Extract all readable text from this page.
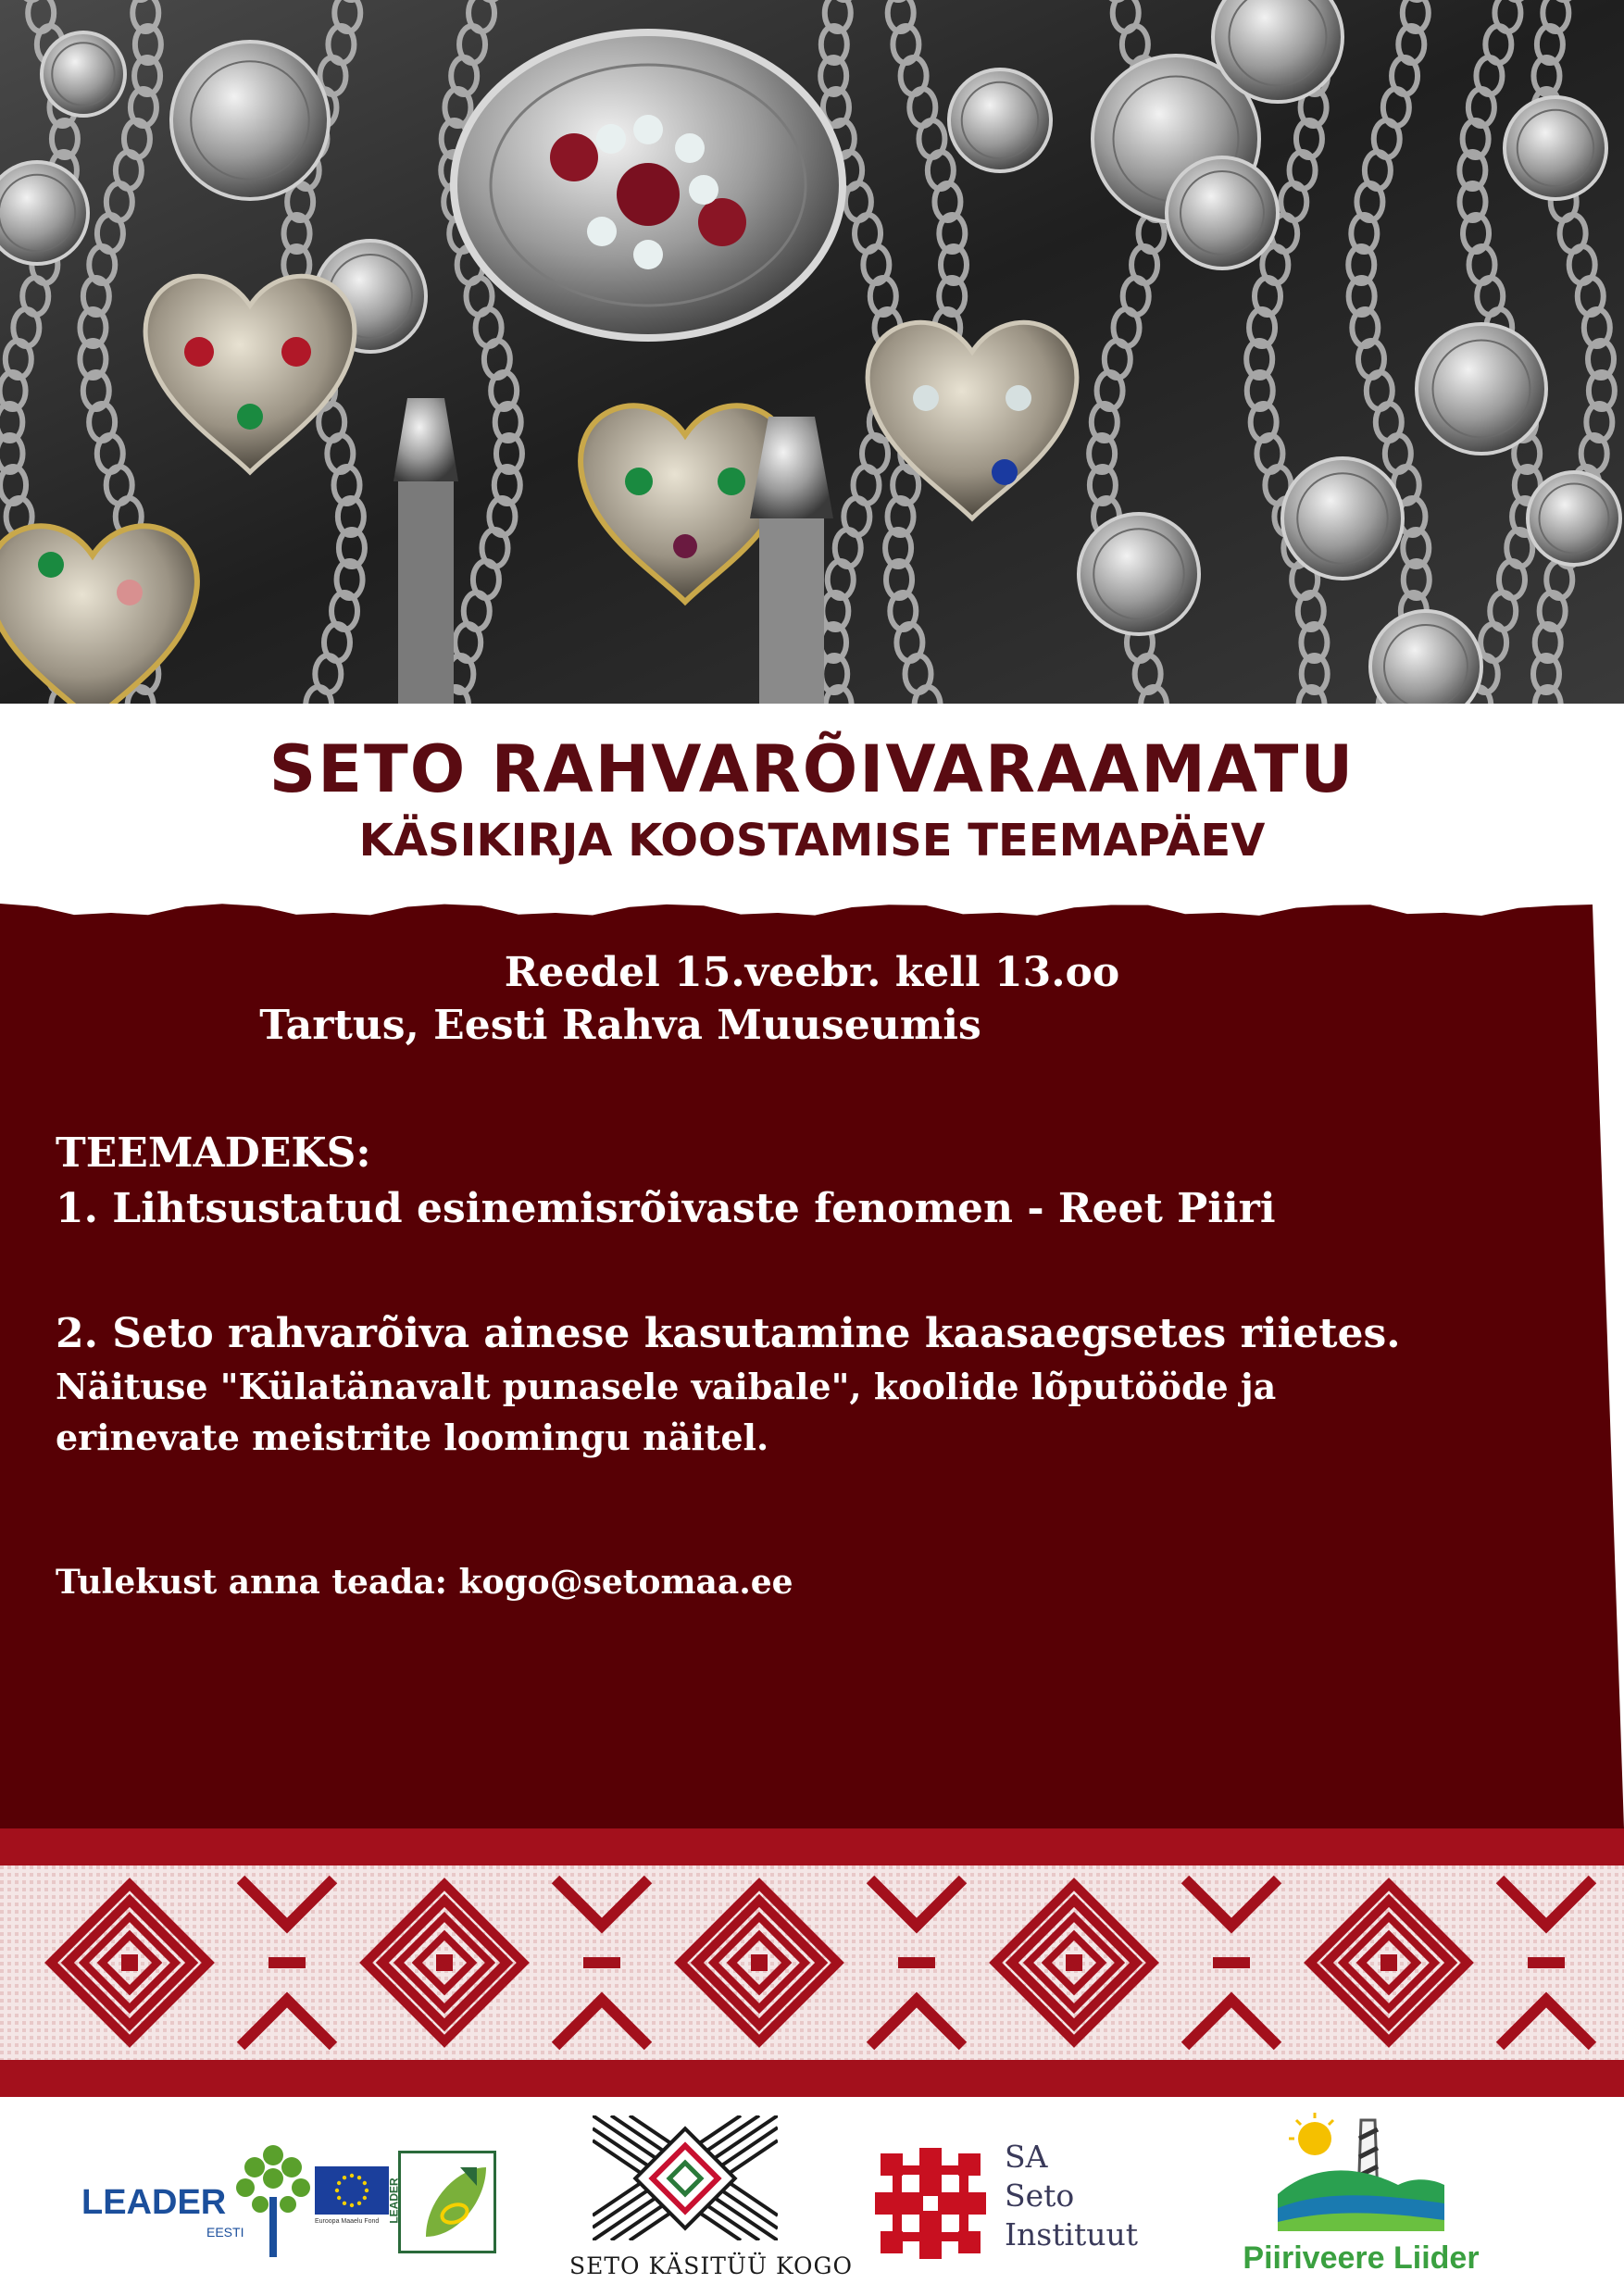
SETO RAHVARÕIVARAAMATU
KÄSIKIRJA KOOSTAMISE TEEMAPÄEV
Reedel 15.veebr. kell 13.oo
Tartus, Eesti Rahva Muuseumis
TEEMADEKS:
1. Lihtsustatud esinemisrõivaste fenomen - Reet Piiri
2. Seto rahvarõiva ainese kasutamine kaasaegsetes riietes.
Näituse "Külatänavalt punasele vaibale", koolide lõputööde ja
erinevate meistrite loomingu näitel.
Tulekust anna teada: kogo@setomaa.ee
LEADER
EESTI
Euroopa Maaelu Fond LEADER
SETO KÄSITÜÜ KOGO
SA
Seto
Instituut
Piiriveere Liider
